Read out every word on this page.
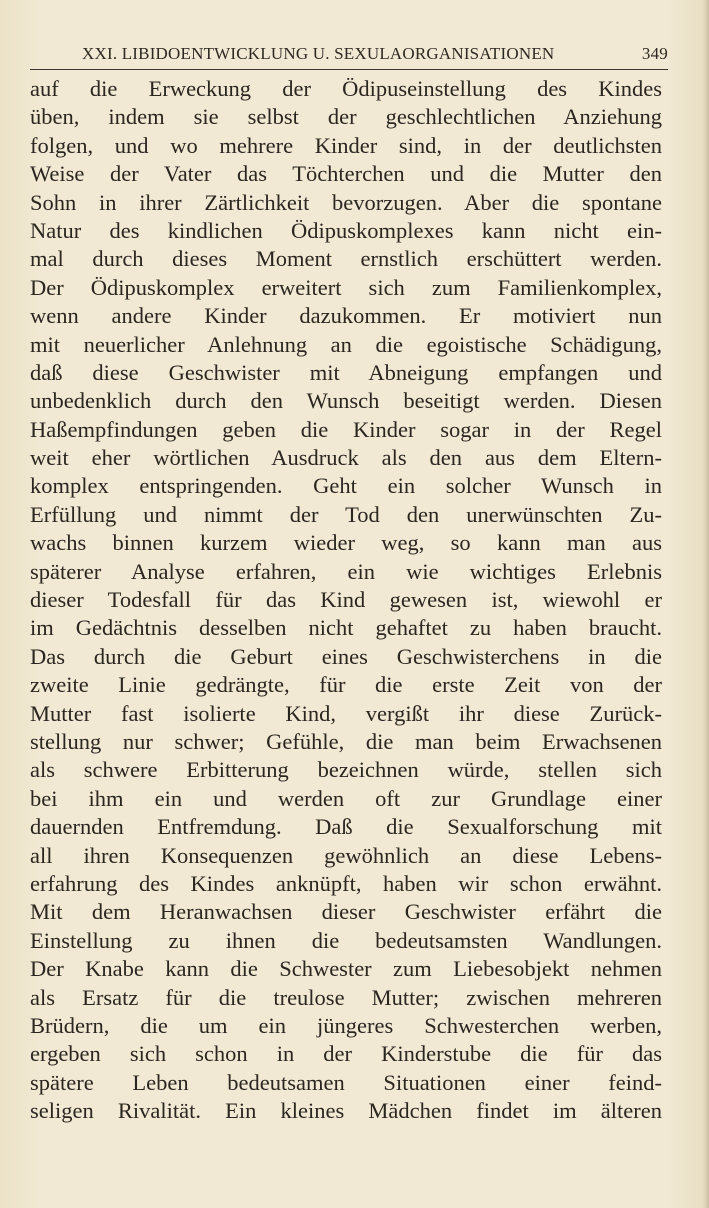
XXI. LIBIDOENTWICKLUNG U. SEXULAORGANISATIONEN	349
auf die Erweckung der Ödipuseinstellung des Kindes
üben, indem sie selbst der geschlechtlichen Anziehung
folgen, und wo mehrere Kinder sind, in der deutlichsten
Weise der Vater das Töchterchen und die Mutter den
Sohn in ihrer Zärtlichkeit bevorzugen. Aber die spontane
Natur des kindlichen Ödipuskomplexes kann nicht ein-
mal durch dieses Moment ernstlich erschüttert werden.
Der Ödipuskomplex erweitert sich zum Familienkomplex,
wenn andere Kinder dazukommen. Er motiviert nun
mit neuerlicher Anlehnung an die egoistische Schädigung,
daß diese Geschwister mit Abneigung empfangen und
unbedenklich durch den Wunsch beseitigt werden. Diesen
Haßempfindungen geben die Kinder sogar in der Regel
weit eher wörtlichen Ausdruck als den aus dem Eltern-
komplex entspringenden. Geht ein solcher Wunsch in
Erfüllung und nimmt der Tod den unerwünschten Zu-
wachs binnen kurzem wieder weg, so kann man aus
späterer Analyse erfahren, ein wie wichtiges Erlebnis
dieser Todesfall für das Kind gewesen ist, wiewohl er
im Gedächtnis desselben nicht gehaftet zu haben braucht.
Das durch die Geburt eines Geschwisterchens in die
zweite Linie gedrängte, für die erste Zeit von der
Mutter fast isolierte Kind, vergißt ihr diese Zurück-
stellung nur schwer; Gefühle, die man beim Erwachsenen
als schwere Erbitterung bezeichnen würde, stellen sich
bei ihm ein und werden oft zur Grundlage einer
dauernden Entfremdung. Daß die Sexualforschung mit
all ihren Konsequenzen gewöhnlich an diese Lebens-
erfahrung des Kindes anknüpft, haben wir schon erwähnt.
Mit dem Heranwachsen dieser Geschwister erfährt die
Einstellung zu ihnen die bedeutsamsten Wandlungen.
Der Knabe kann die Schwester zum Liebesobjekt nehmen
als Ersatz für die treulose Mutter; zwischen mehreren
Brüdern, die um ein jüngeres Schwesterchen werben,
ergeben sich schon in der Kinderstube die für das
spätere Leben bedeutsamen Situationen einer feind-
seligen Rivalität. Ein kleines Mädchen findet im älteren
